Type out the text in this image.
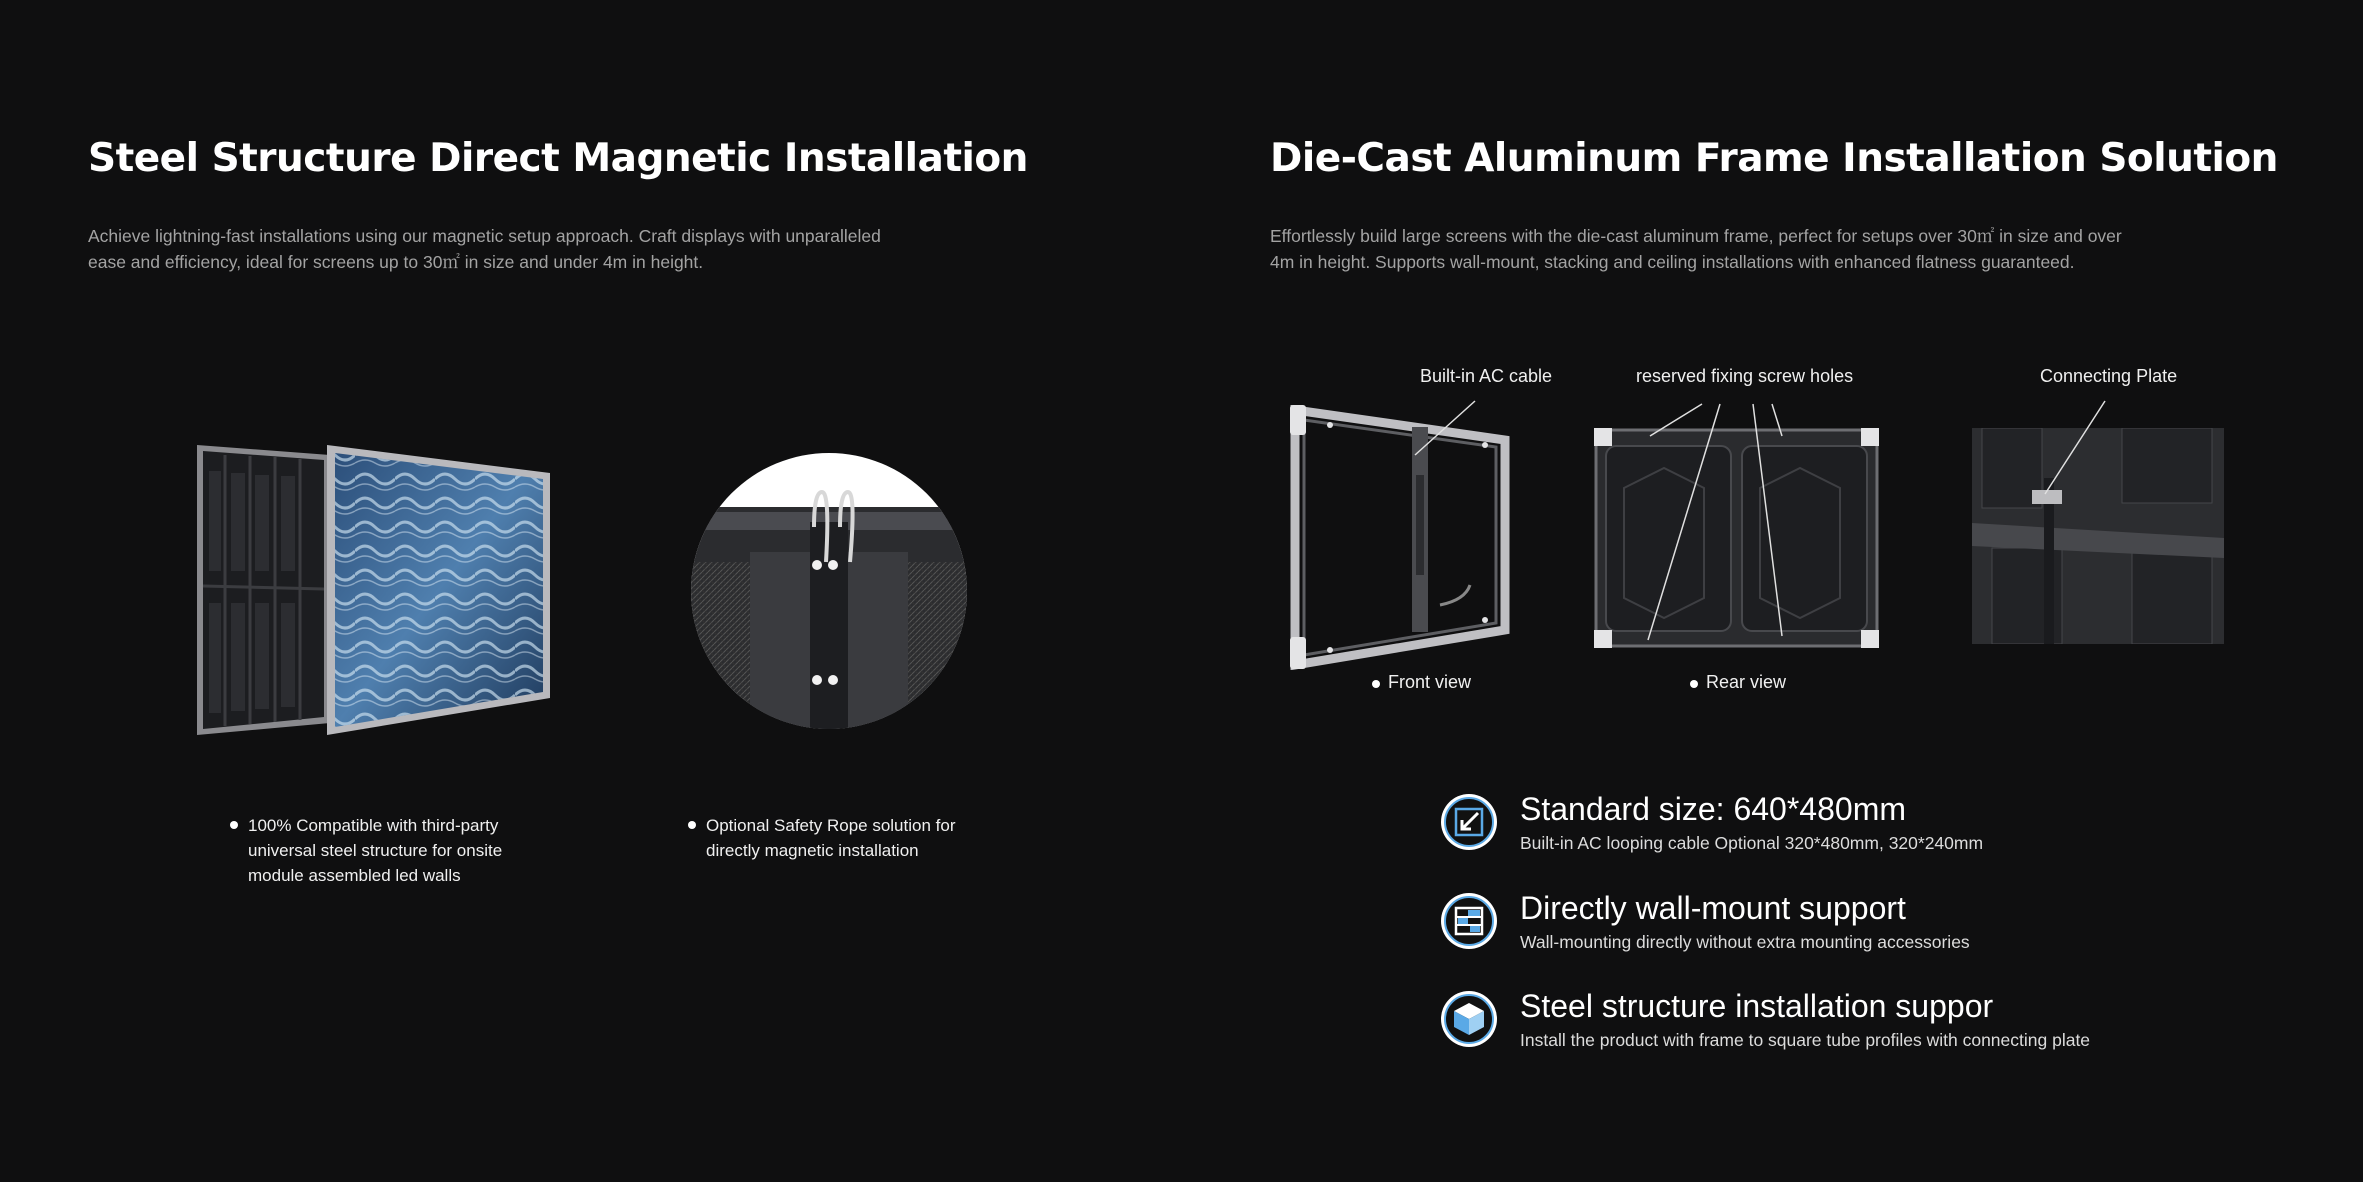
Steel Structure Direct Magnetic Installation
Achieve lightning-fast installations using our magnetic setup approach. Craft displays with unparalleled
ease and efficiency, ideal for screens up to 30㎡ in size and under 4m in height.
100% Compatible with third-party
universal steel structure for onsite
module assembled led walls
Optional Safety Rope solution for
directly magnetic installation
Die-Cast Aluminum Frame Installation Solution
Effortlessly build large screens with the die-cast aluminum frame, perfect for setups over 30㎡ in size and over
4m in height. Supports wall-mount, stacking and ceiling installations with enhanced flatness guaranteed.
Built-in AC cable	reserved fixing screw holes	Connecting Plate
Front view	Rear view
Standard size: 640*480mm
Built-in AC looping cable Optional 320*480mm, 320*240mm
Directly wall-mount support
Wall-mounting directly without extra mounting accessories
Steel structure installation suppor
Install the product with frame to square tube profiles with connecting plate
